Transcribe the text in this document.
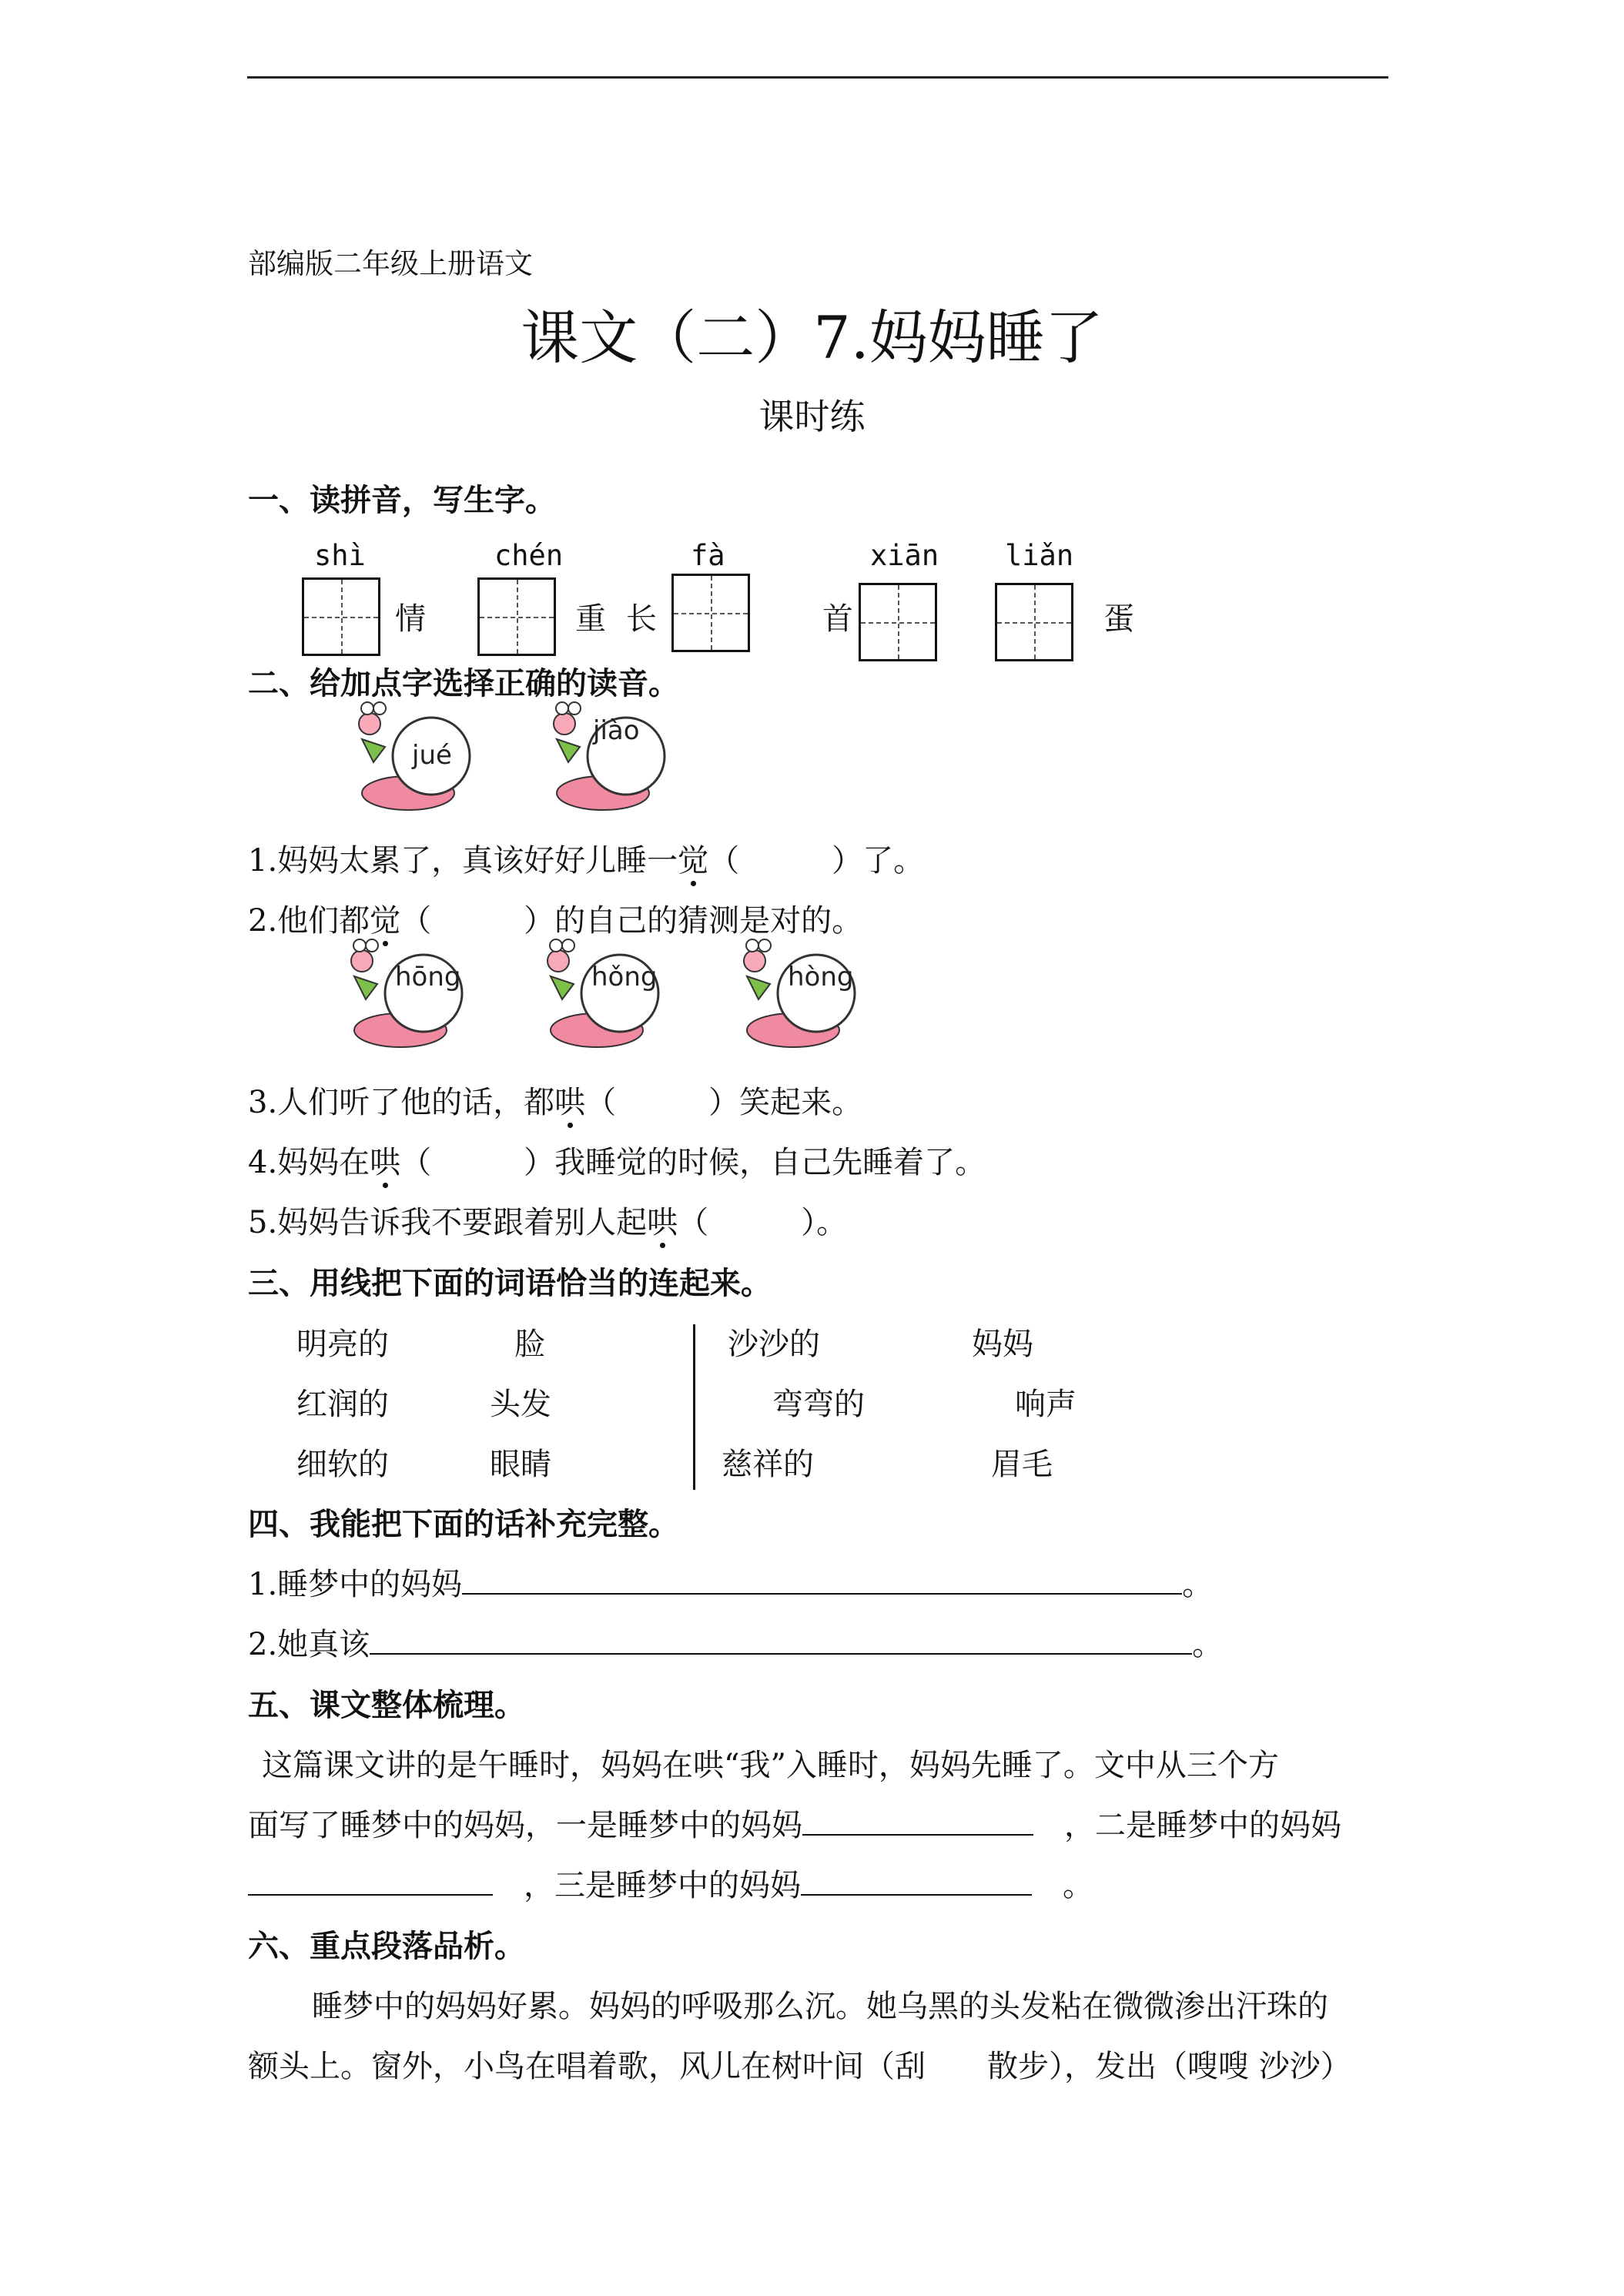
部编版二年级上册语文
课文（二）7.妈妈睡了
课时练
一、读拼音，写生字。
shì	chén	fà	xiān liǎn
情	重 长	首	蛋
二、给加点字选择正确的读音。
jué
jiào
1.妈妈太累了，真该好好儿睡一觉（　　　）了。
2.他们都觉（　　　）的自己的猜测是对的。
hōng	hǒng	hòng
3.人们听了他的话，都哄（　　　）笑起来。
4.妈妈在哄（　　　）我睡觉的时候，自己先睡着了。
5.妈妈告诉我不要跟着别人起哄（　　　）。
三、用线把下面的词语恰当的连起来。
明亮的	脸
红润的	头发
细软的	眼睛
沙沙的	妈妈
弯弯的	响声
慈祥的	眉毛
四、我能把下面的话补充完整。
1.睡梦中的妈妈	。
2.她真该	。
五、课文整体梳理。
这篇课文讲的是午睡时，妈妈在哄“我”入睡时，妈妈先睡了。文中从三个方
面写了睡梦中的妈妈，一是睡梦中的妈妈　	，二是睡梦中的妈妈
　，三是睡梦中的妈妈　	。
六、重点段落品析。
睡梦中的妈妈好累。妈妈的呼吸那么沉。她乌黑的头发粘在微微渗出汗珠的
额头上。窗外，小鸟在唱着歌，风儿在树叶间（刮　　散步），发出（嗖嗖 沙沙）
